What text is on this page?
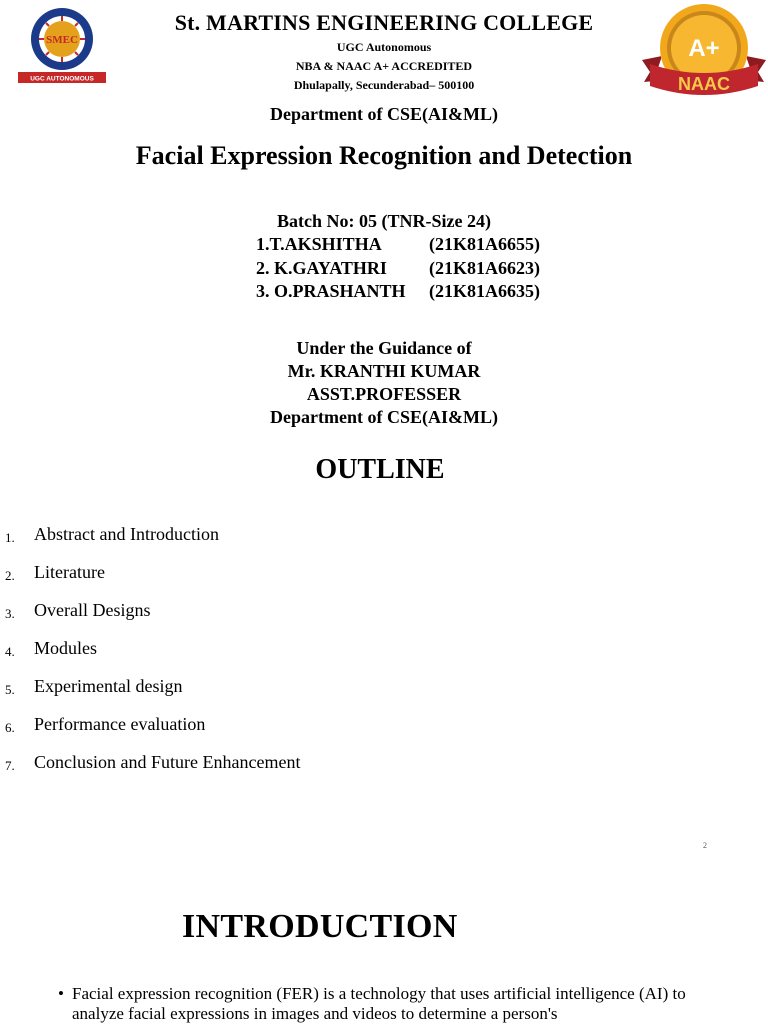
SMEC
UGC AUTONOMOUS
A+
NAAC
St. MARTINS ENGINEERING COLLEGE
UGC Autonomous
NBA & NAAC A+ ACCREDITED
Dhulapally, Secunderabad– 500100
Department of CSE(AI&ML)
Facial Expression Recognition and Detection
Batch No: 05 (TNR-Size 24)
1.T.AKSHITHA	(21K81A6655)
2. K.GAYATHRI (21K81A6623)
3. O.PRASHANTH (21K81A6635)
Under the Guidance of
Mr. KRANTHI KUMAR
ASST.PROFESSER
Department of CSE(AI&ML)
OUTLINE
1. Abstract and Introduction
2. Literature
3. Overall Designs
4. Modules
5. Experimental design
6. Performance evaluation
7. Conclusion and Future Enhancement
2
INTRODUCTION
• Facial expression recognition (FER) is a technology that uses artificial intelligence (AI) to analyze facial expressions in images and videos to determine a person's
